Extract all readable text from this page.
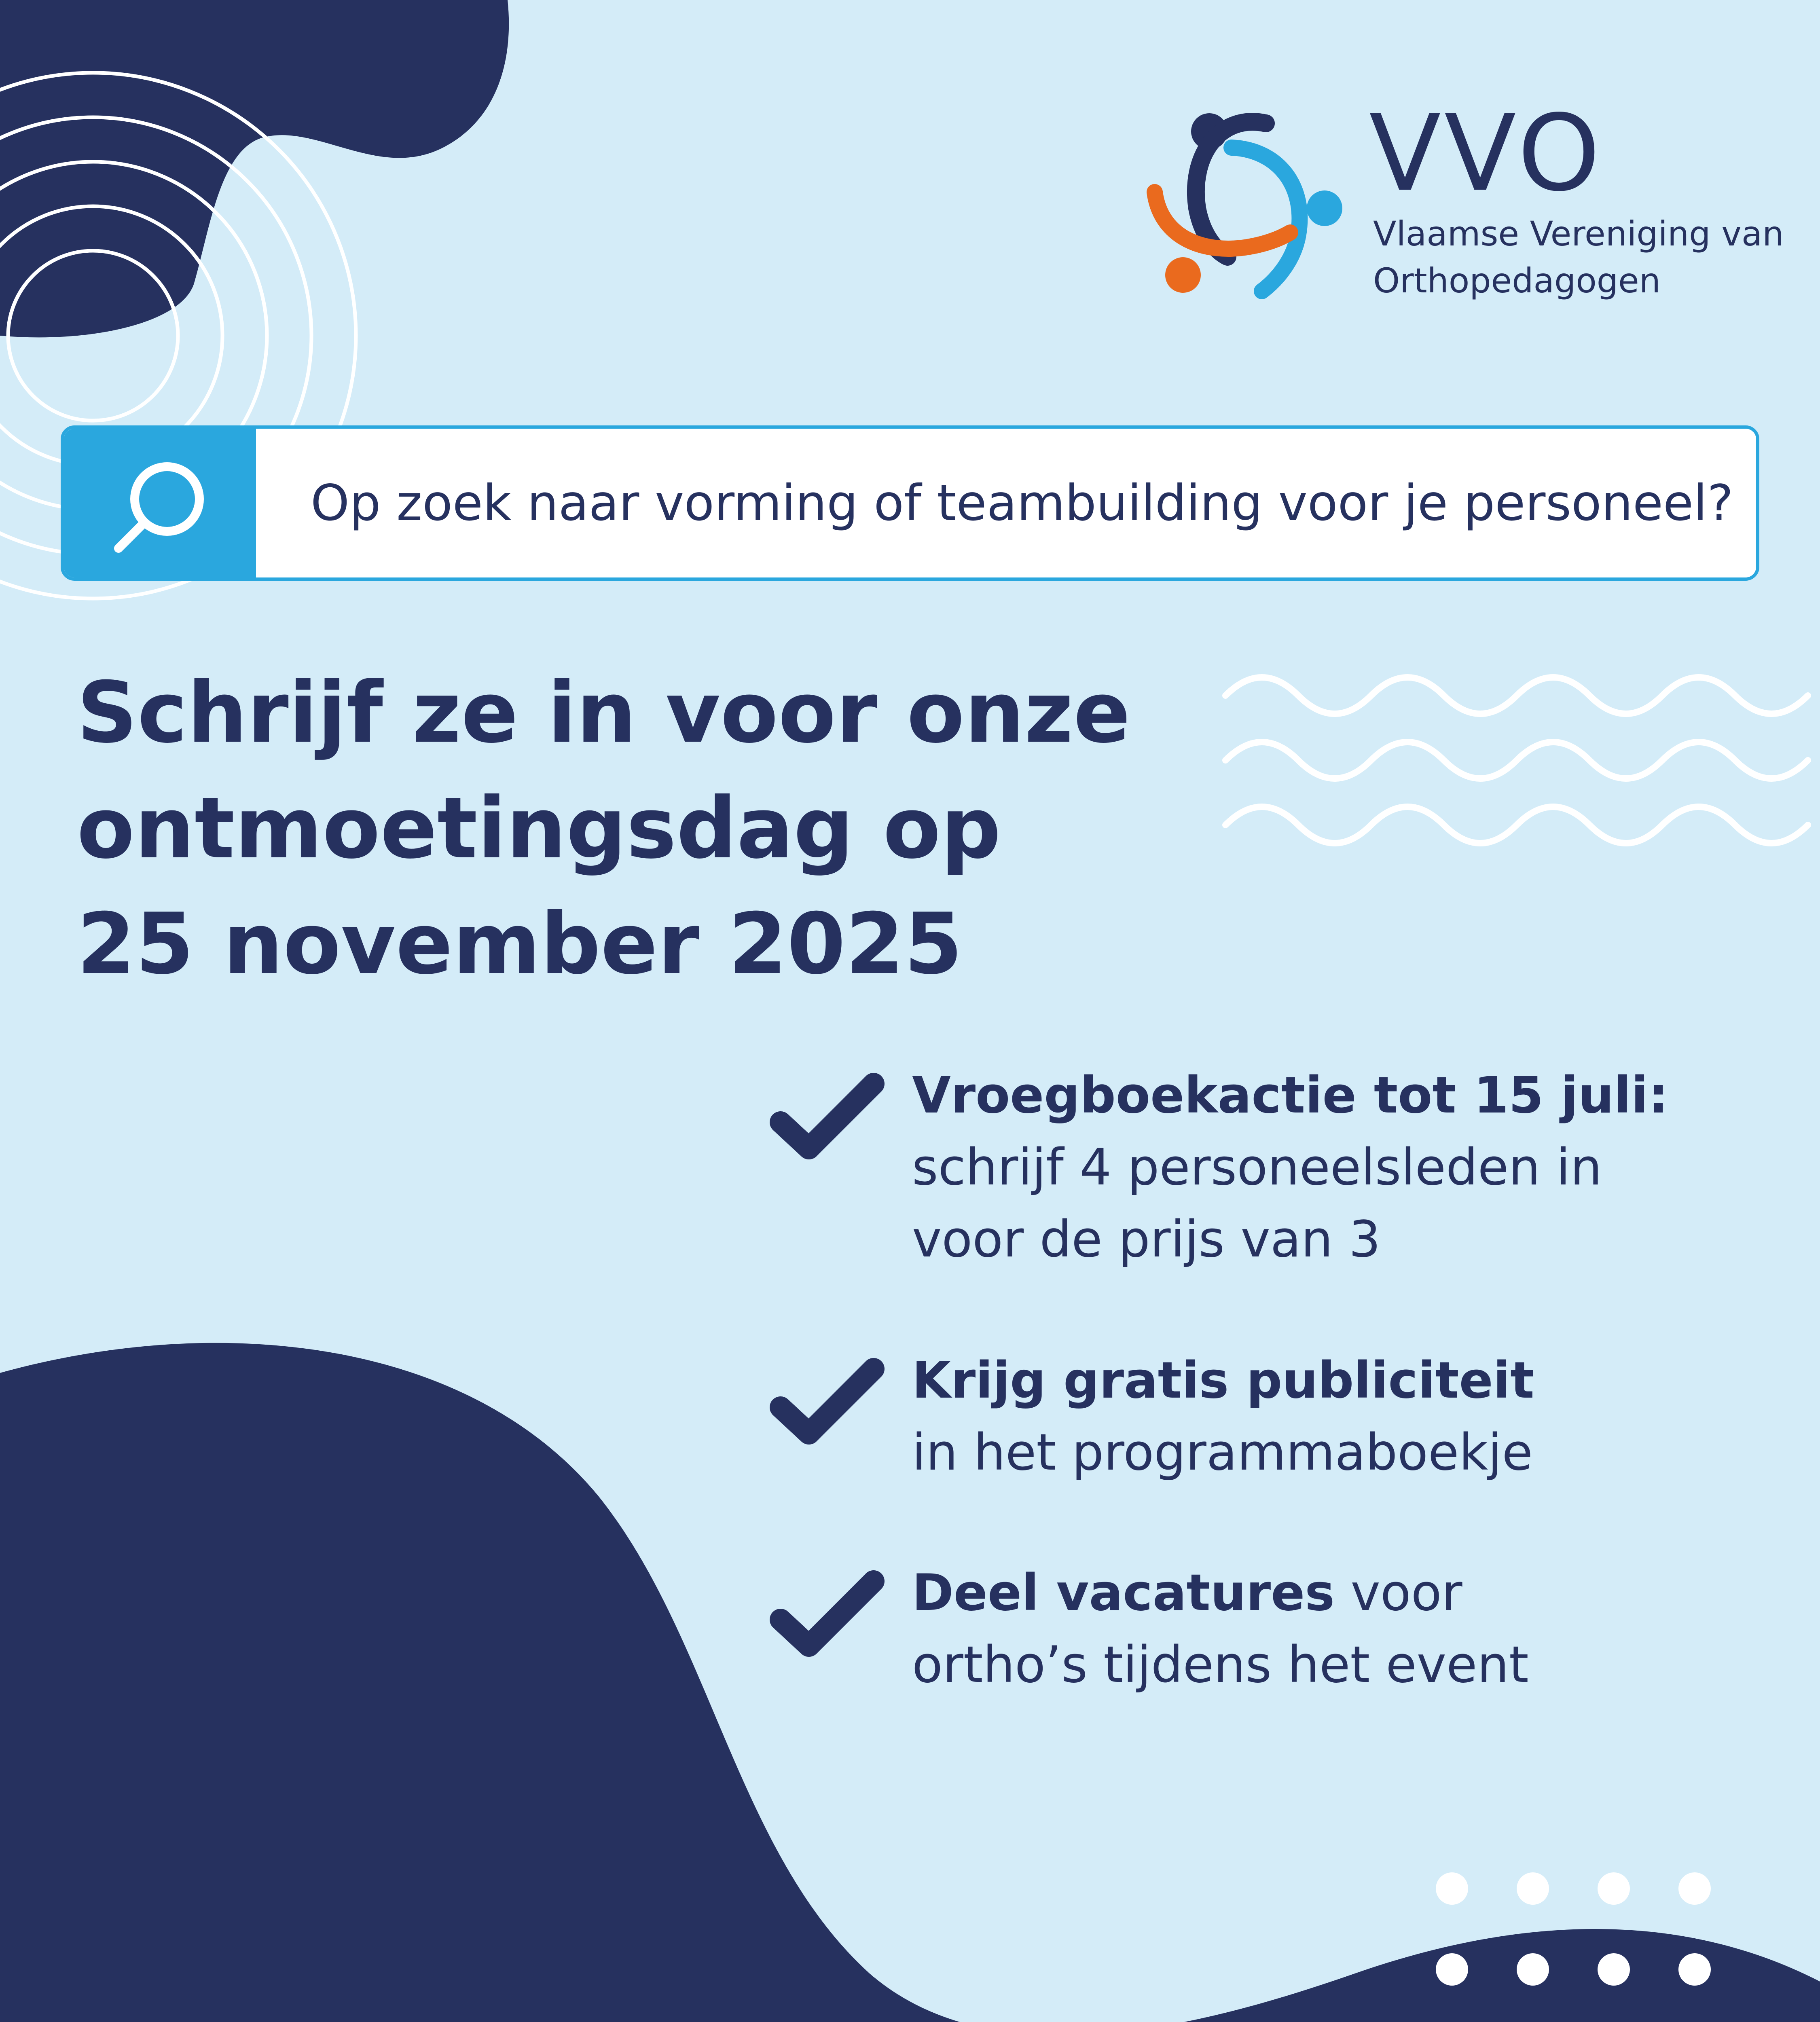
VVO
Vlaamse Vereniging van
Orthopedagogen
Op zoek naar vorming of teambuilding voor je personeel?
Schrijf ze in voor onze
ontmoetingsdag op
25 november 2025
Vroegboekactie tot 15 juli:
schrijf 4 personeelsleden in
voor de prijs van 3
Krijg gratis publiciteit
in het programmaboekje
Deel vacatures voor
ortho’s tijdens het event
